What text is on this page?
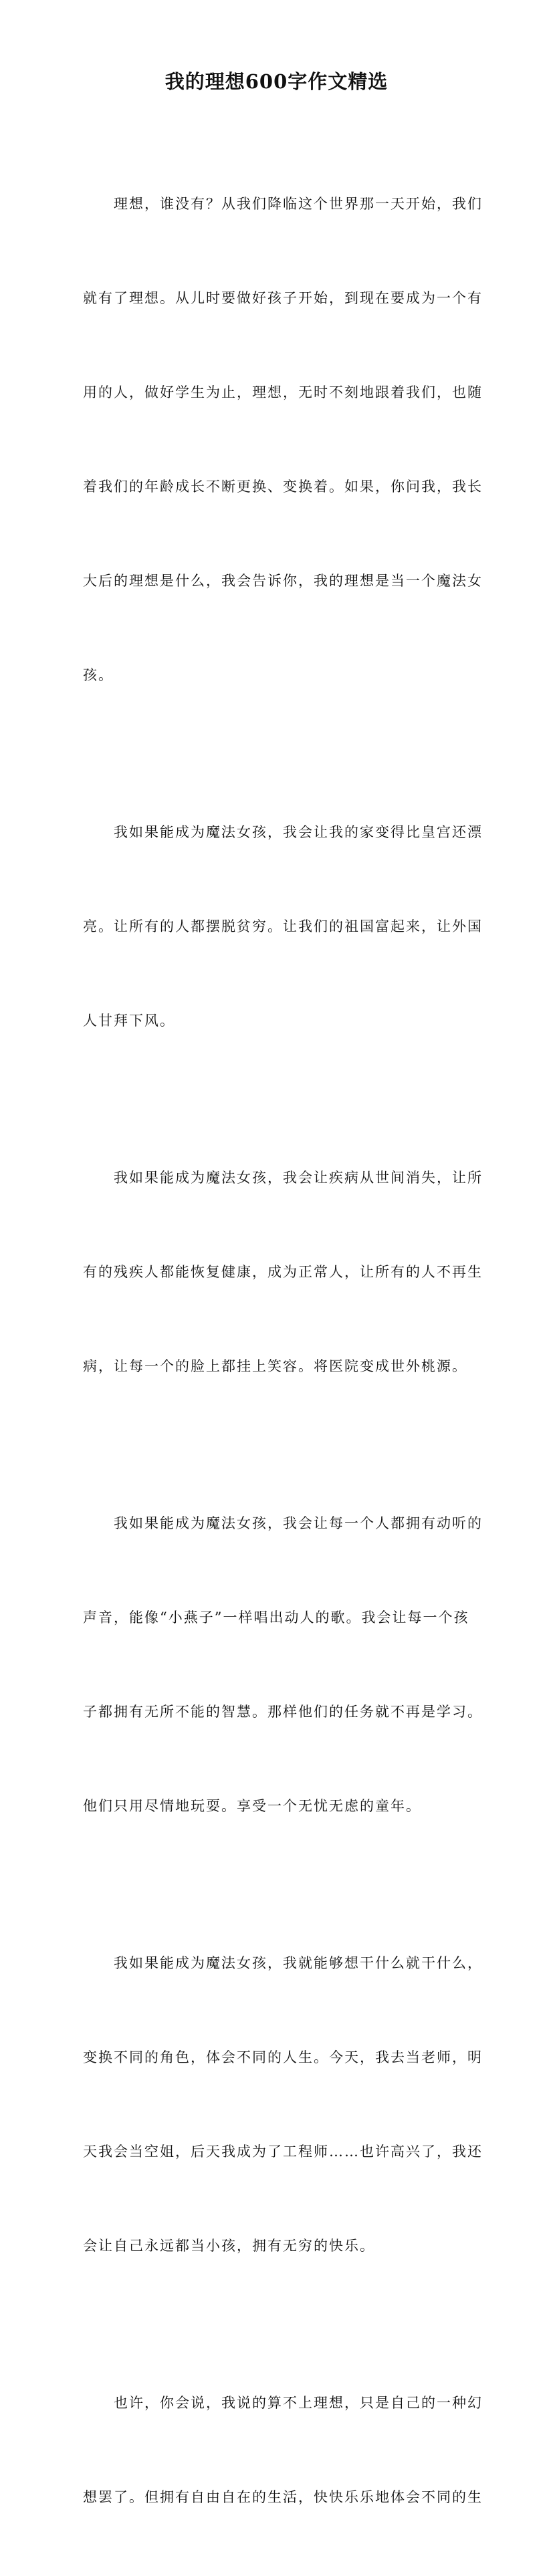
我的理想600字作文精选

　　理想，谁没有？从我们降临这个世界那一天开始，我们

就有了理想。从儿时要做好孩子开始，到现在要成为一个有

用的人，做好学生为止，理想，无时不刻地跟着我们，也随

着我们的年龄成长不断更换、变换着。如果，你问我，我长

大后的理想是什么，我会告诉你，我的理想是当一个魔法女

孩。

　　我如果能成为魔法女孩，我会让我的家变得比皇宫还漂

亮。让所有的人都摆脱贫穷。让我们的祖国富起来，让外国

人甘拜下风。

　　我如果能成为魔法女孩，我会让疾病从世间消失，让所

有的残疾人都能恢复健康，成为正常人，让所有的人不再生

病，让每一个的脸上都挂上笑容。将医院变成世外桃源。

　　我如果能成为魔法女孩，我会让每一个人都拥有动听的

声音，能像“小燕子”一样唱出动人的歌。我会让每一个孩

子都拥有无所不能的智慧。那样他们的任务就不再是学习。

他们只用尽情地玩耍。享受一个无忧无虑的童年。

　　我如果能成为魔法女孩，我就能够想干什么就干什么，

变换不同的角色，体会不同的人生。今天，我去当老师，明

天我会当空姐，后天我成为了工程师……也许高兴了，我还

会让自己永远都当小孩，拥有无穷的快乐。

　　也许，你会说，我说的算不上理想，只是自己的一种幻

想罢了。但拥有自由自在的生活，快快乐乐地体会不同的生
